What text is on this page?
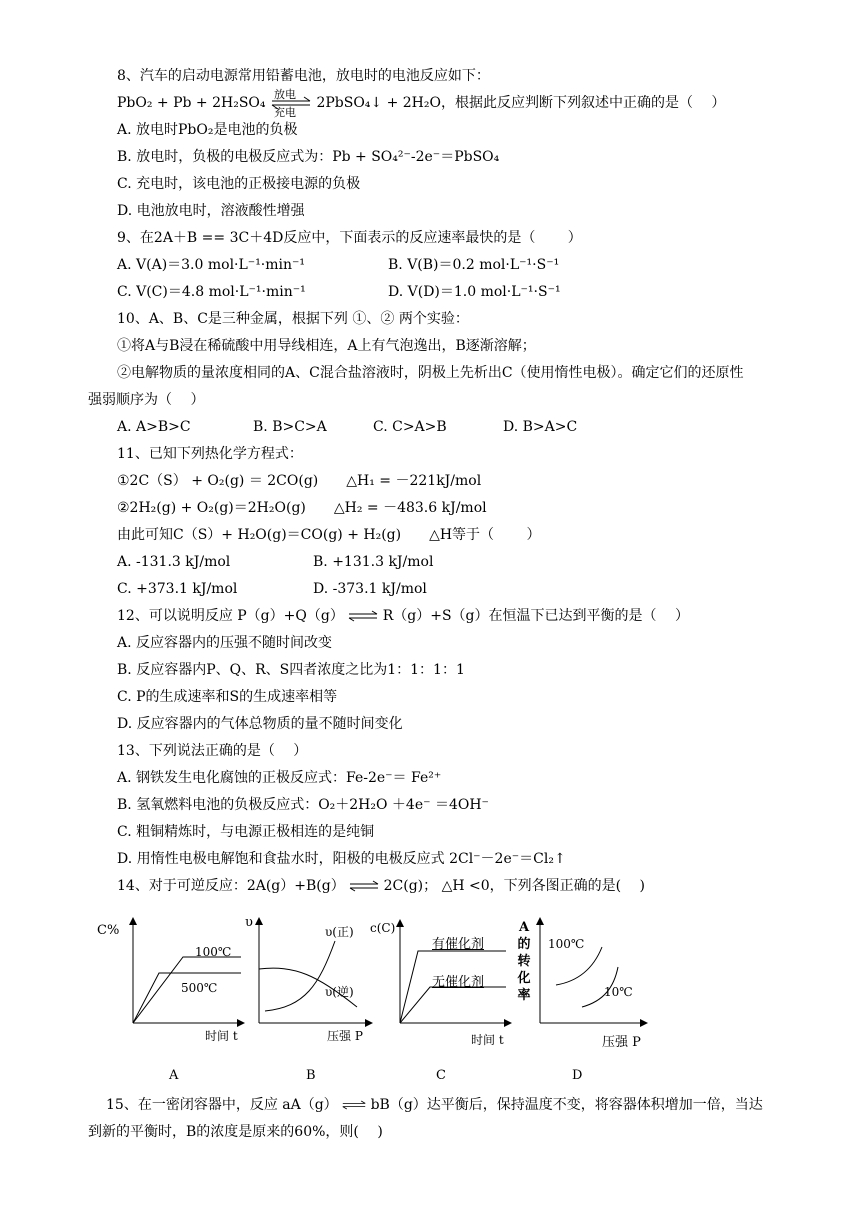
8、汽车的启动电源常用铅蓄电池，放电时的电池反应如下：
PbO₂ + Pb + 2H₂SO₄
放电
充电
2PbSO₄↓ + 2H₂O，根据此反应判断下列叙述中正确的是（　 ）
A. 放电时PbO₂是电池的负极
B. 放电时，负极的电极反应式为：Pb + SO₄²⁻-2e⁻＝PbSO₄
C. 充电时，该电池的正极接电源的负极
D. 电池放电时，溶液酸性增强
9、在2A＋B == 3C＋4D反应中，下面表示的反应速率最快的是（　　 ）
A. V(A)＝3.0 mol·L⁻¹·min⁻¹	B. V(B)＝0.2 mol·L⁻¹·S⁻¹
C. V(C)＝4.8 mol·L⁻¹·min⁻¹	D. V(D)＝1.0 mol·L⁻¹·S⁻¹
10、A、B、C是三种金属，根据下列 ①、② 两个实验：
①将A与B浸在稀硫酸中用导线相连，A上有气泡逸出，B逐渐溶解；
②电解物质的量浓度相同的A、C混合盐溶液时，阴极上先析出C（使用惰性电极）。确定它们的还原性
强弱顺序为（　 ）
A. A>B>C	B. B>C>A	C. C>A>B	D. B>A>C
11、已知下列热化学方程式：
①2C（S） + O₂(g) ＝ 2CO(g)　　△H₁ = －221kJ/mol
②2H₂(g) + O₂(g)＝2H₂O(g)　　△H₂ = －483.6 kJ/mol
由此可知C（S）+ H₂O(g)＝CO(g) + H₂(g)　　△H等于（　　 ）
A. -131.3 kJ/mol	B. +131.3 kJ/mol
C. +373.1 kJ/mol	D. -373.1 kJ/mol
12、可以说明反应 P（g）+Q（g） ⇌ R（g）+S（g）在恒温下已达到平衡的是（　 ）
A. 反应容器内的压强不随时间改变
B. 反应容器内P、Q、R、S四者浓度之比为1：1：1：1
C. P的生成速率和S的生成速率相等
D. 反应容器内的气体总物质的量不随时间变化
13、下列说法正确的是（　 ）
A. 钢铁发生电化腐蚀的正极反应式：Fe-2e⁻＝ Fe²⁺
B. 氢氧燃料电池的负极反应式：O₂＋2H₂O ＋4e⁻ ＝4OH⁻
C. 粗铜精炼时，与电源正极相连的是纯铜
D. 用惰性电极电解饱和食盐水时，阳极的电极反应式 2Cl⁻－2e⁻＝Cl₂↑
14、对于可逆反应：2A(g）+B(g） ⇌ 2C(g)； △H <0，下列各图正确的是(　 )
C%
100℃
500℃
时间 t
υ
υ(正)
υ(逆)
压强 P
c(C)
有催化剂
无催化剂
时间 t
A
的
转
化
率
100℃
10℃
压强 P
A	B	C	D
15、在一密闭容器中，反应 aA（g） ⇌ bB（g）达平衡后，保持温度不变，将容器体积增加一倍，当达
到新的平衡时，B的浓度是原来的60%，则(　 )
